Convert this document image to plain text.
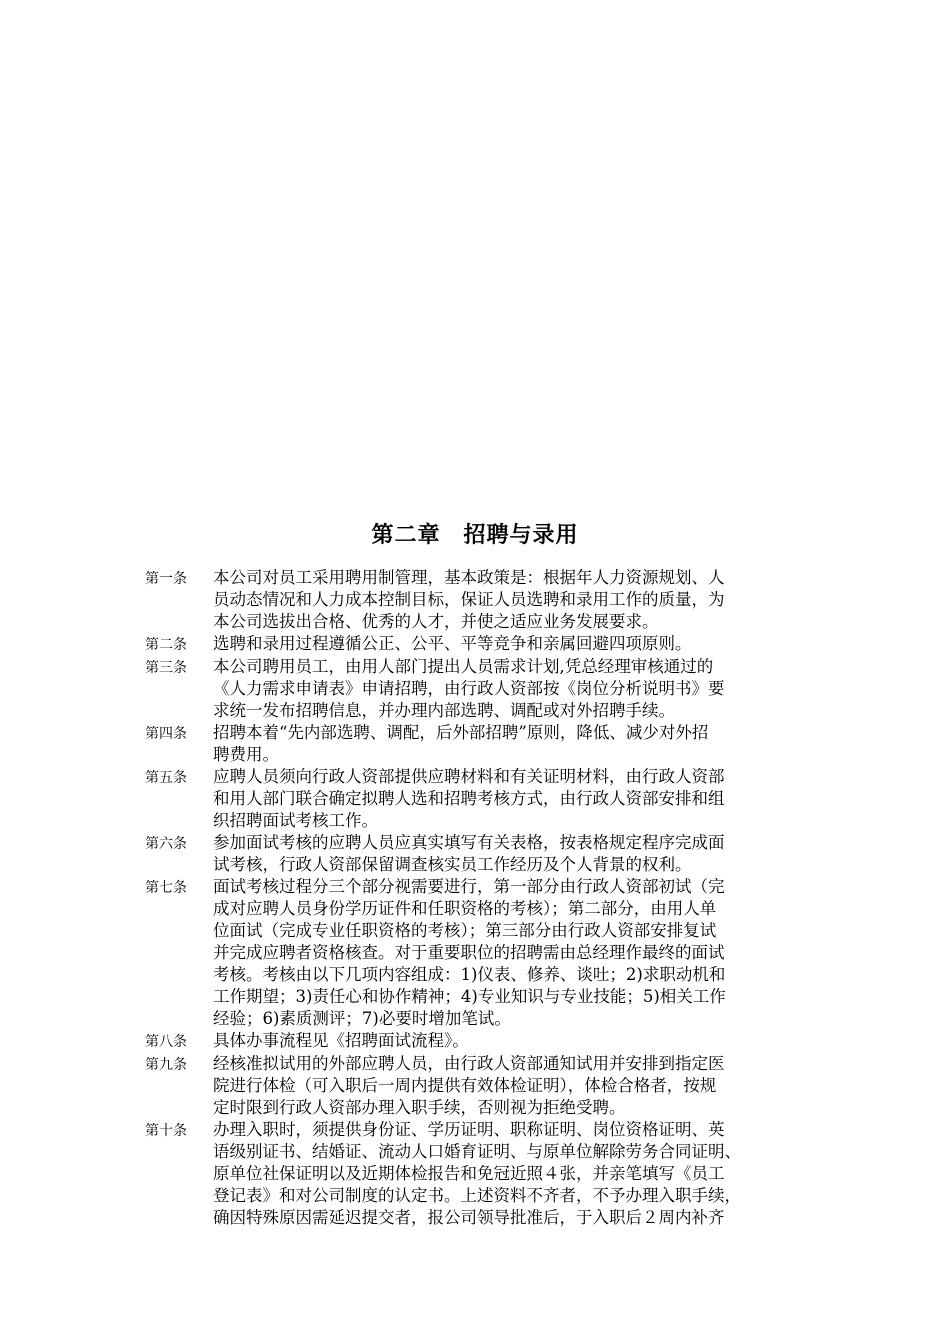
第二章　招聘与录用
第一条	本公司对员工采用聘用制管理，基本政策是：根据年人力资源规划、人
员动态情况和人力成本控制目标，保证人员选聘和录用工作的质量，为
本公司选拔出合格、优秀的人才，并使之适应业务发展要求。
第二条	选聘和录用过程遵循公正、公平、平等竞争和亲属回避四项原则。
第三条	本公司聘用员工，由用人部门提出人员需求计划,凭总经理审核通过的
《人力需求申请表》申请招聘，由行政人资部按《岗位分析说明书》要
求统一发布招聘信息，并办理内部选聘、调配或对外招聘手续。
第四条	招聘本着“先内部选聘、调配，后外部招聘”原则，降低、减少对外招
聘费用。
第五条	应聘人员须向行政人资部提供应聘材料和有关证明材料，由行政人资部
和用人部门联合确定拟聘人选和招聘考核方式，由行政人资部安排和组
织招聘面试考核工作。
第六条	参加面试考核的应聘人员应真实填写有关表格，按表格规定程序完成面
试考核，行政人资部保留调查核实员工作经历及个人背景的权利。
第七条	面试考核过程分三个部分视需要进行，第一部分由行政人资部初试（完
成对应聘人员身份学历证件和任职资格的考核）；第二部分，由用人单
位面试（完成专业任职资格的考核）；第三部分由行政人资部安排复试
并完成应聘者资格核查。对于重要职位的招聘需由总经理作最终的面试
考核。考核由以下几项内容组成：1)仪表、修养、谈吐；2)求职动机和
工作期望；3)责任心和协作精神；4)专业知识与专业技能；5)相关工作
经验；6)素质测评；7)必要时增加笔试。
第八条	具体办事流程见《招聘面试流程》。
第九条	经核准拟试用的外部应聘人员，由行政人资部通知试用并安排到指定医
院进行体检（可入职后一周内提供有效体检证明），体检合格者，按规
定时限到行政人资部办理入职手续，否则视为拒绝受聘。
第十条	办理入职时，须提供身份证、学历证明、职称证明、岗位资格证明、英
语级别证书、结婚证、流动人口婚育证明、与原单位解除劳务合同证明、
原单位社保证明以及近期体检报告和免冠近照４张，并亲笔填写《员工
登记表》和对公司制度的认定书。上述资料不齐者，不予办理入职手续，
确因特殊原因需延迟提交者，报公司领导批准后，于入职后２周内补齐
